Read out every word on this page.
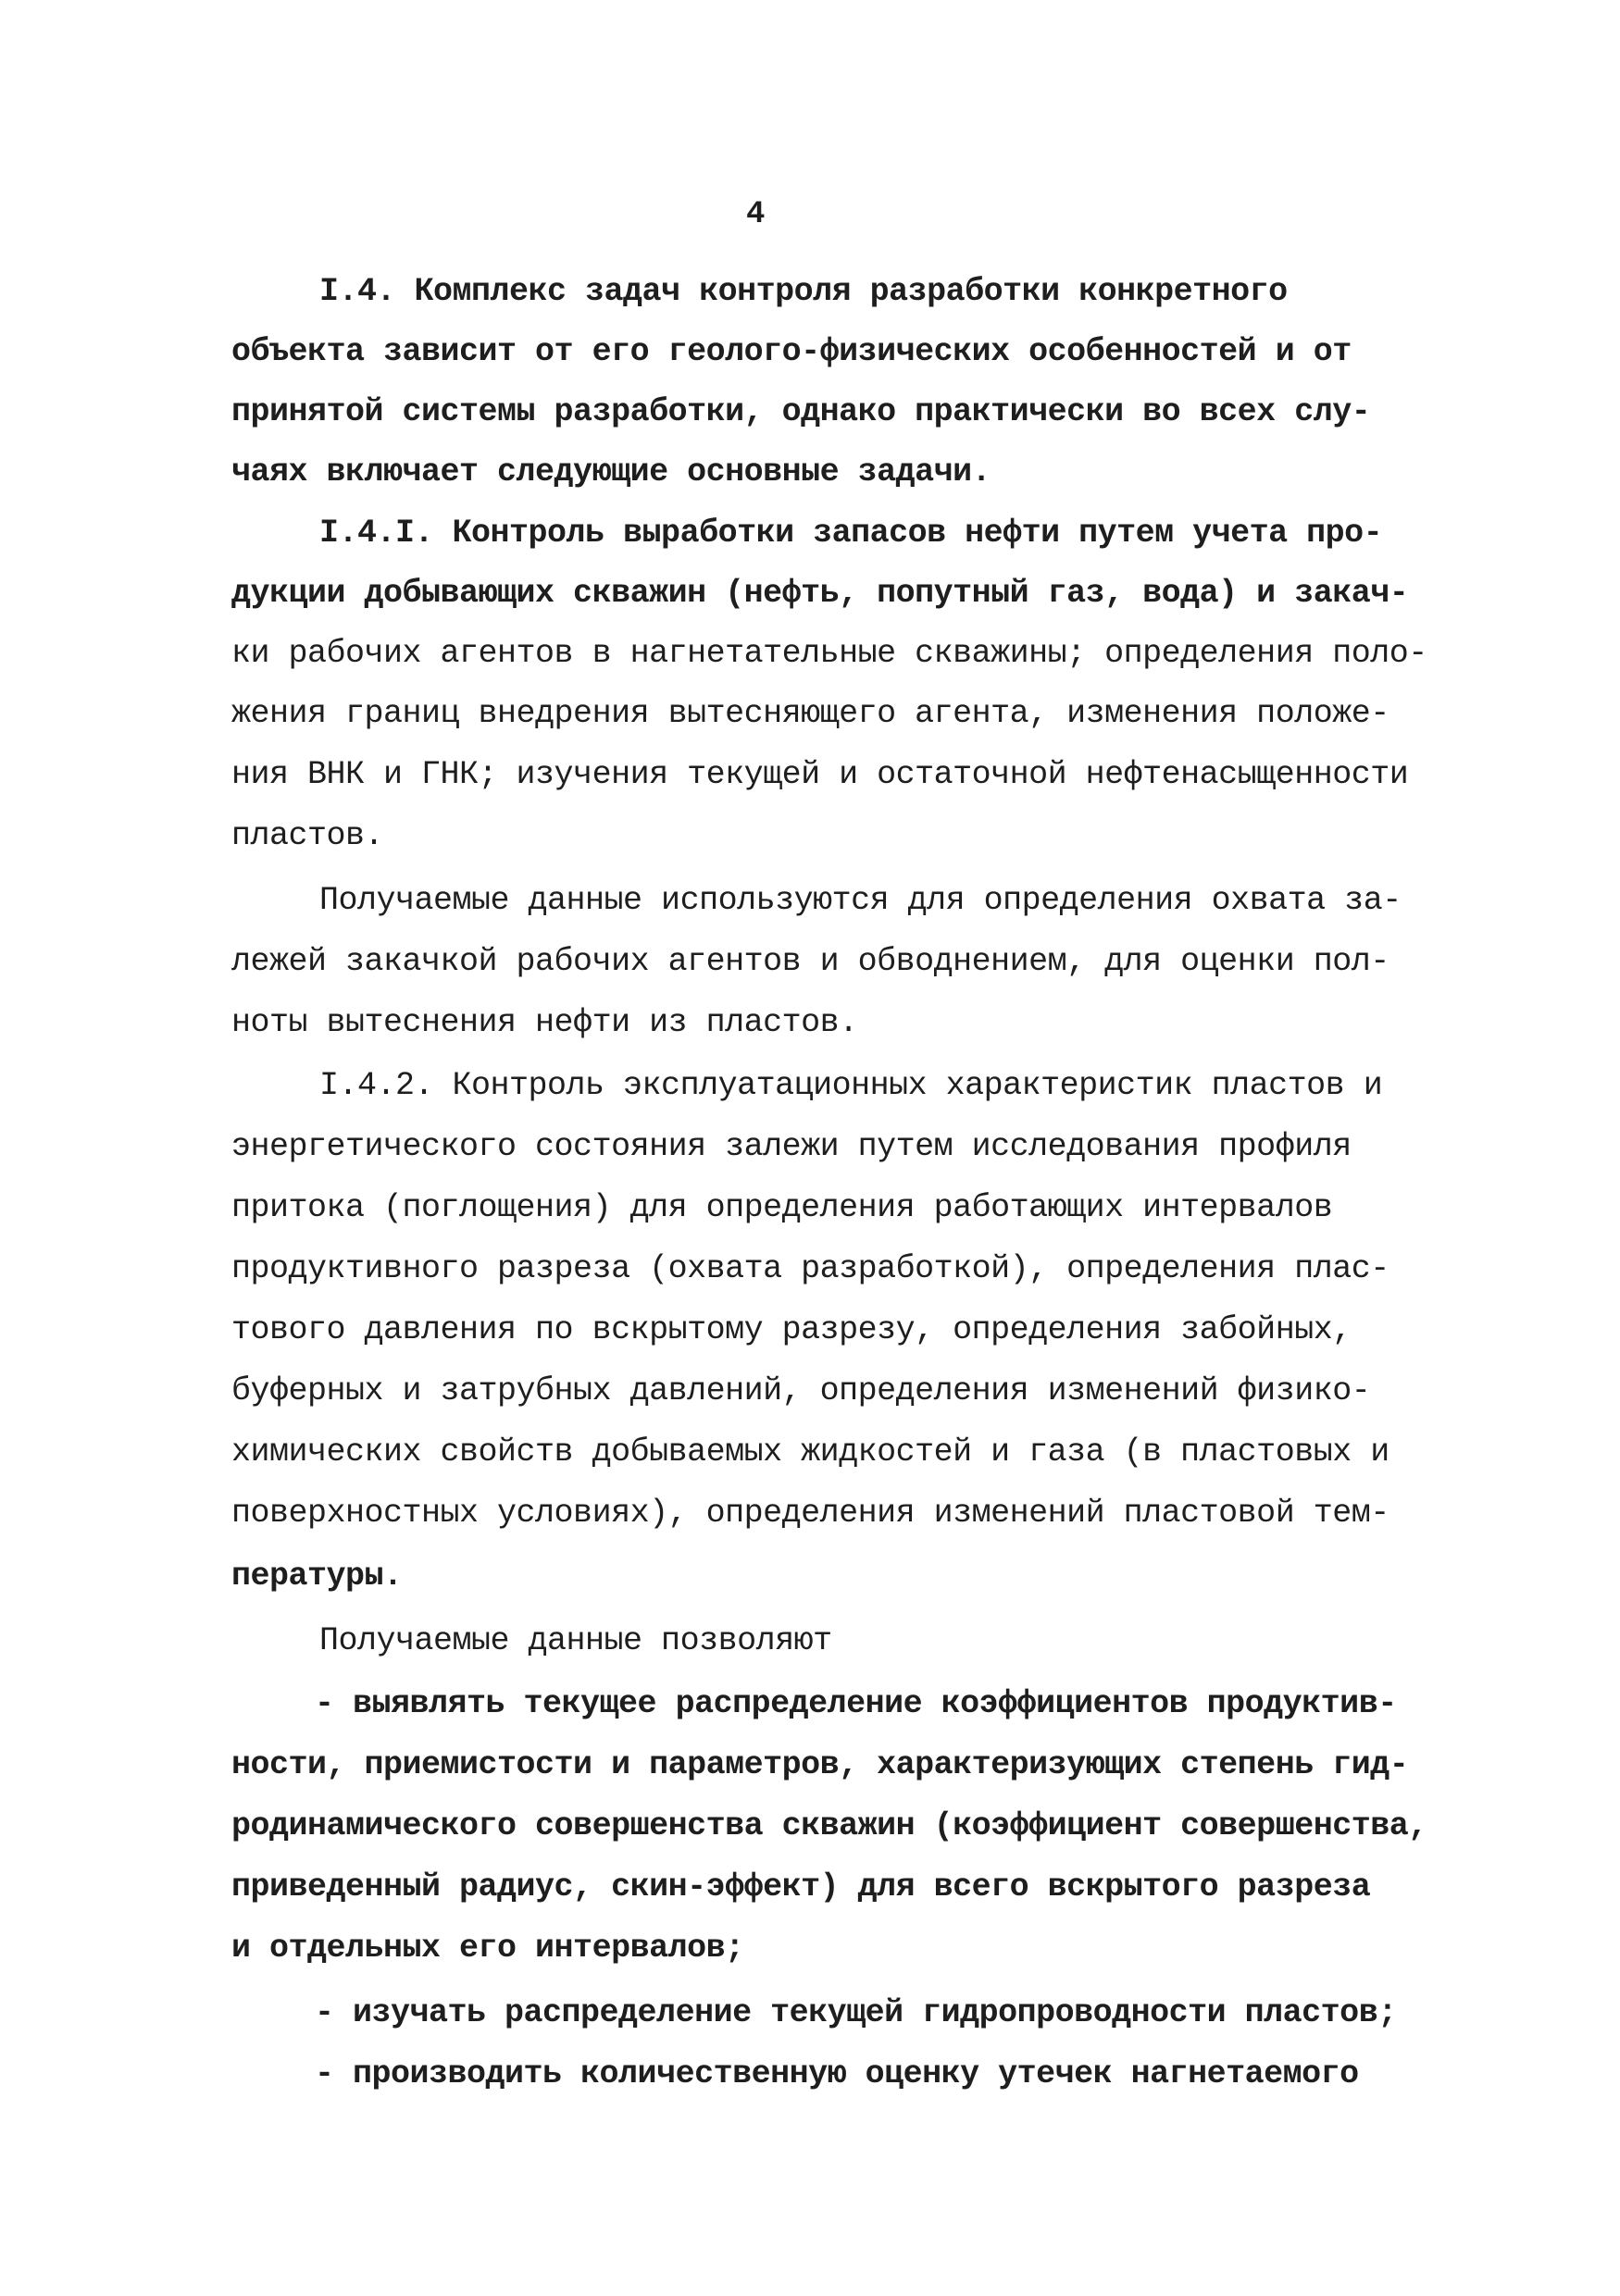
4
I.4. Комплекс задач контроля разработки конкретного
объекта зависит от его геолого-физических особенностей и от
принятой системы разработки, однако практически во всех слу-
чаях включает следующие основные задачи.
I.4.I. Контроль выработки запасов нефти путем учета про-
дукции добывающих скважин (нефть, попутный газ, вода) и закач-
ки рабочих агентов в нагнетательные скважины; определения поло-
жения границ внедрения вытесняющего агента, изменения положе-
ния ВНК и ГНК; изучения текущей и остаточной нефтенасыщенности
пластов.
Получаемые данные используются для определения охвата за-
лежей закачкой рабочих агентов и обводнением, для оценки пол-
ноты вытеснения нефти из пластов.
I.4.2. Контроль эксплуатационных характеристик пластов и
энергетического состояния залежи путем исследования профиля
притока (поглощения) для определения работающих интервалов
продуктивного разреза (охвата разработкой), определения плас-
тового давления по вскрытому разрезу, определения забойных,
буферных и затрубных давлений, определения изменений физико-
химических свойств добываемых жидкостей и газа (в пластовых и
поверхностных условиях), определения изменений пластовой тем-
пературы.
Получаемые данные позволяют
- выявлять текущее распределение коэффициентов продуктив-
ности, приемистости и параметров, характеризующих степень гид-
родинамического совершенства скважин (коэффициент совершенства,
приведенный радиус, скин-эффект) для всего вскрытого разреза
и отдельных его интервалов;
- изучать распределение текущей гидропроводности пластов;
- производить количественную оценку утечек нагнетаемого
